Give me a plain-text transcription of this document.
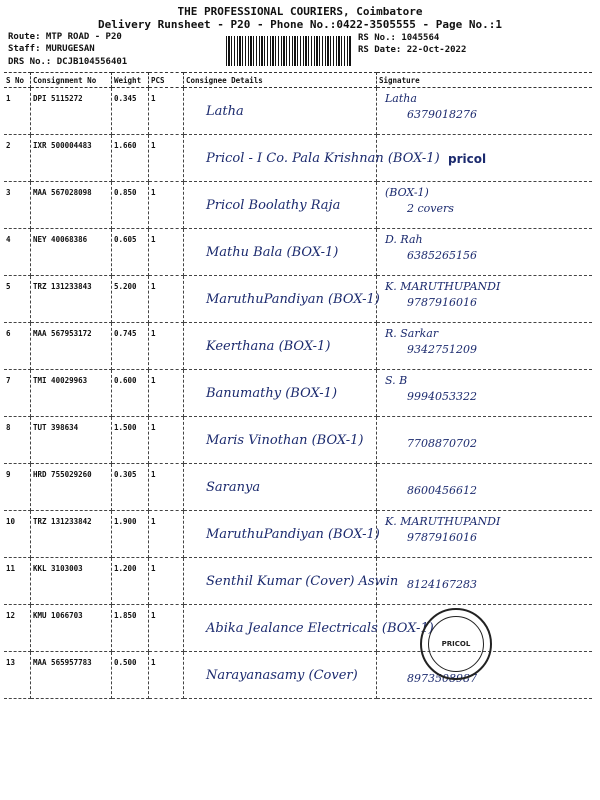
THE PROFESSIONAL COURIERS, Coimbatore
Delivery Runsheet - P20 - Phone No.:0422-3505555 - Page No.:1
Route: MTP ROAD - P20
Staff: MURUGESAN
DRS No.: DCJB104556401
RS No.: 1045564
RS Date: 22-Oct-2022
S No	Consignment No	Weight	PCS	Consignee Details	Signature
1	DPI 5115272	0.345	1	Latha	Latha
6379018276

2	IXR 500004483	1.660	1	Pricol - I Co. Pala Krishnan (BOX-1)	

3	MAA 567028098	0.850	1	Pricol Boolathy Raja	(BOX-1)
2 covers

4	NEY 40068386	0.605	1	Mathu Bala (BOX-1)	D. Rah
6385265156

5	TRZ 131233843	5.200	1	MaruthuPandiyan (BOX-1)	K. MARUTHUPANDI
9787916016

6	MAA 567953172	0.745	1	Keerthana (BOX-1)	R. Sarkar
9342751209

7	TMI 40029963	0.600	1	Banumathy (BOX-1)	S. B
9994053322

8	TUT 398634	1.500	1	Maris Vinothan (BOX-1)	7708870702

9	HRD 755029260	0.305	1	Saranya	8600456612

10	TRZ 131233842	1.900	1	MaruthuPandiyan (BOX-1)	K. MARUTHUPANDI
9787916016

11	KKL 3103003	1.200	1	Senthil Kumar (Cover) Aswin	8124167283

12	KMU 1066703	1.850	1	Abika Jealance Electricals (BOX-1)	

13	MAA 565957783	0.500	1	Narayanasamy (Cover)	8973508987
pricol
PRICOL
